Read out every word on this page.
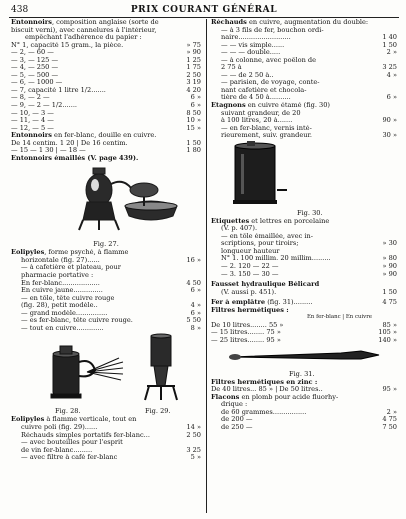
438	PRIX COURANT GÉNÉRAL
Entonnoirs, composition anglaise (sorte de
biscuit verni), avec cannelures à l'intérieur,
empêchant l'adhérence du papier :
N° 1, capacité 15 gram., la pièce.	» 75
— 2, — 60 —	» 90
— 3, — 125 —	1 25
— 4, — 250 —	1 75
— 5, — 500 —	2 50
— 6, — 1000 —	3 19
— 7, capacité 1 litre 1/2.......	4 20
— 8, — 2 —	6 »
— 9, — 2 — 1/2.......	6 »
— 10, — 3 —	8 50
— 11, — 4 —	10 »
— 12, — 5 —	15 »
Entonnoirs en fer-blanc, douille en cuivre.
De 14 centim. 1 20 | De 16 centim.	1 50
— 15 — 1 30 | — 18 —	1 80
Entonnoirs émaillés (V. page 439).
Fig. 27.
Éolipyles, forme psyché, à flamme
horizontale (fig. 27)......	16 »
— à cafetière et plateau, pour
pharmacie portative :
En fer-blanc..................	4 50
En cuivre jaune..............	6 »
— en tôle, tête cuivre rouge
(fig. 28), petit modèle..	4 »
— grand modèle...............	6 »
— es fer-blanc, tête cuivre rouge.	5 50
— tout en cuivre.............	8 »
Fig. 28.	Fig. 29.
Éolipyles à flamme verticale, tout en
cuivre poli (fig. 29)......	14 »
Réchauds simples portatifs fer-blanc...	2 50
— avec bouteilles pour l'esprit
de vin fer-blanc.........	3 25
— avec filtre à café fer-blanc	5 »
Réchauds en cuivre, augmentation du double:
— à 3 fils de fer, bouchon ordi-
naire.........................	1 40
— — vis simple......	1 50
— — — double.....	2 »
— à colonne, avec poêlon de
2 75 à	3 25
— — de 2 50 à..	4 »
— parisien, de voyage, conte-
nant cafetière et chocola-
tière de 4 50 à..........	6 »
Étagnons en cuivre étamé (fig. 30)
suivant grandeur, de 20
à 100 litres, 20 à.......	90 »
— en fer-blanc, vernis inté-
rieurement, suiv. grandeur.	30 »
Fig. 30.
Étiquettes et lettres en porcelaine
(V. p. 407).
— en tôle émaillée, avec in-
scriptions, pour tiroirs;	» 30
longueur hauteur
N° 1. 100 millim. 20 millim.........	» 80
— 2. 120 — 22 —	» 90
— 3. 150 — 30 —	» 90
Fausset hydraulique Bélicard
(V. aussi p. 451).	1 50
Fer à emplâtre (fig. 31).........	4 75
Filtres hermétiques :
En fer-blanc | En cuivre
De 10 litres........ 55 »	85 »
— 15 litres........ 75 »	105 »
— 25 litres........ 95 »	140 »
Fig. 31.
Filtres hermétiques en zinc :
De 40 litres... 85 » | De 50 litres..	95 »
Flacons en plomb pour acide fluorhy-
drique :
de 60 grammes................	2 »
de 200 —	4 75
de 250 —	7 50
